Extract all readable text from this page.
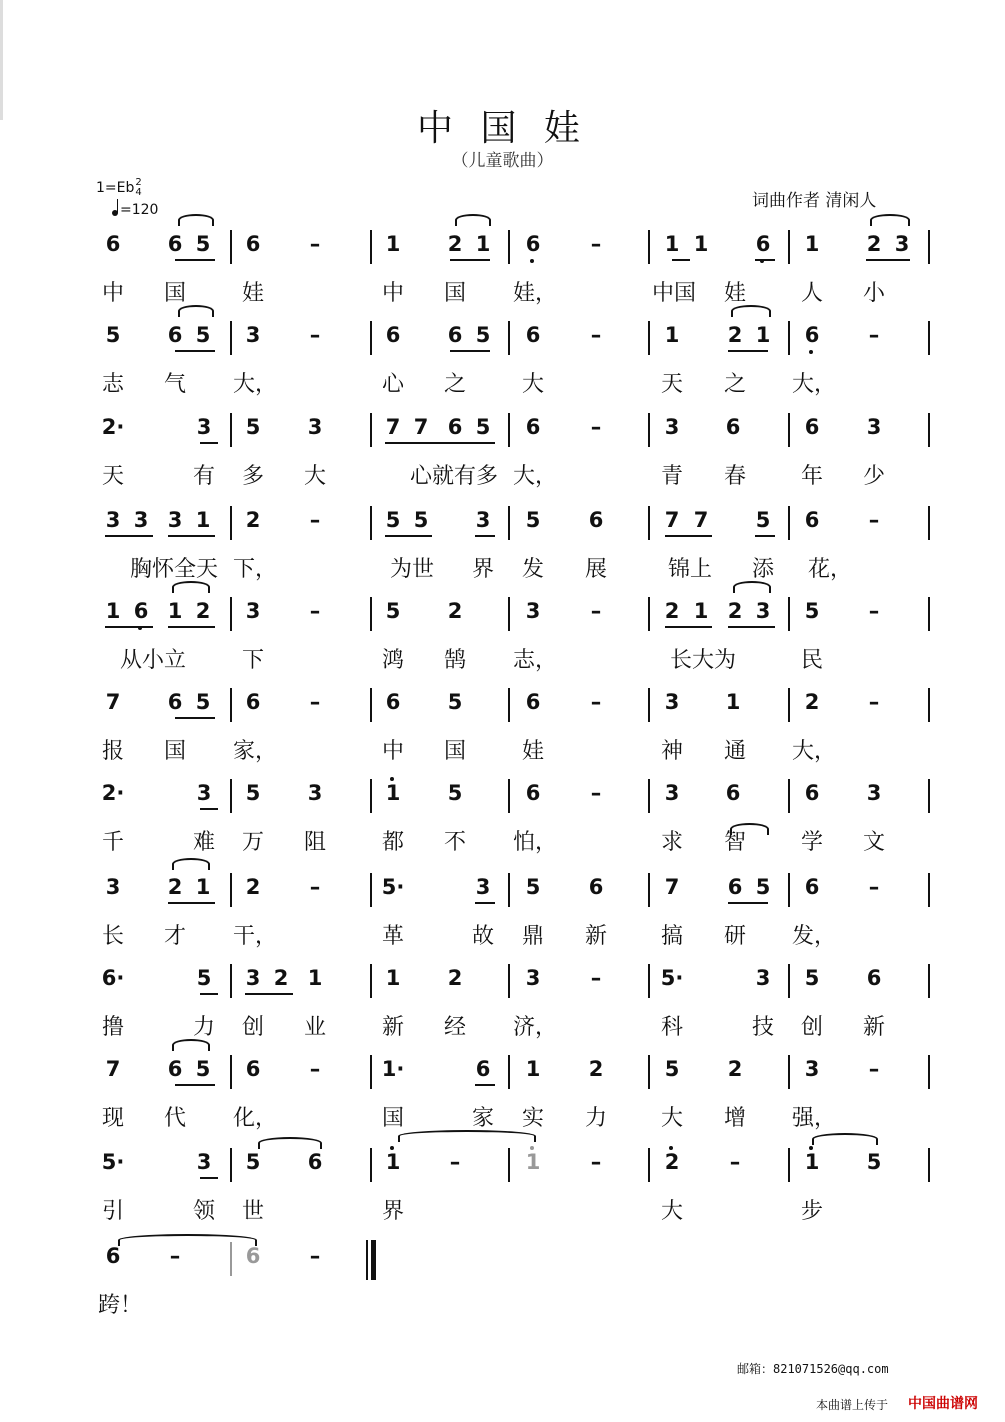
中 国 娃
（儿童歌曲）
1=Eb2
4
=120	词曲作者 清闲人
6	6 5	6	–	1	2 1	6	–	1 1	6	1	2 3
中	国	娃	中	国	娃，	中国	娃	人	小
5	6 5	3	–	6	6 5	6	–	1	2 1	6	–
志	气	大，	心	之	大	天	之	大，
2·	3	5	3	7 7 6 5	6	–	3	6	6	3
天	有	多	大	心就有多 大，	青	春	年	少
3 3 3 1	2	–	5 5	3	5	6	7 7	5	6	–
胸怀全天 下，	为世	界	发	展	锦上	添	花，
1 6 1 2	3	–	5	2	3	–	2 1 2 3	5	–
从小立	下	鸿	鹄	志，	长大为	民
7	6 5	6	–	6	5	6	–	3	1	2	–
报	国	家，	中	国	娃	神	通	大，
2·	3	5	3	1	5	6	–	3	6	6	3
千	难	万	阻	都	不	怕，	求	智	学	文
3	2 1	2	–	5·	3	5	6	7	6 5	6	–
长	才	干，	革	故	鼎	新	搞	研	发，
6·	5	3 2 1	1	2	3	–	5·	3	5	6
撸	力	创	业	新	经	济，	科	技	创	新
7	6 5	6	–	1·	6	1	2	5	2	3	–
现	代	化，	国	家	实	力	大	增	强，
5·	3	5	6	1	–	1	–	2	–	1	5
引	领	世	界	大	步
6	–	6	–
跨！
邮箱：821071526@qq.com
本曲谱上传于 中国曲谱网
